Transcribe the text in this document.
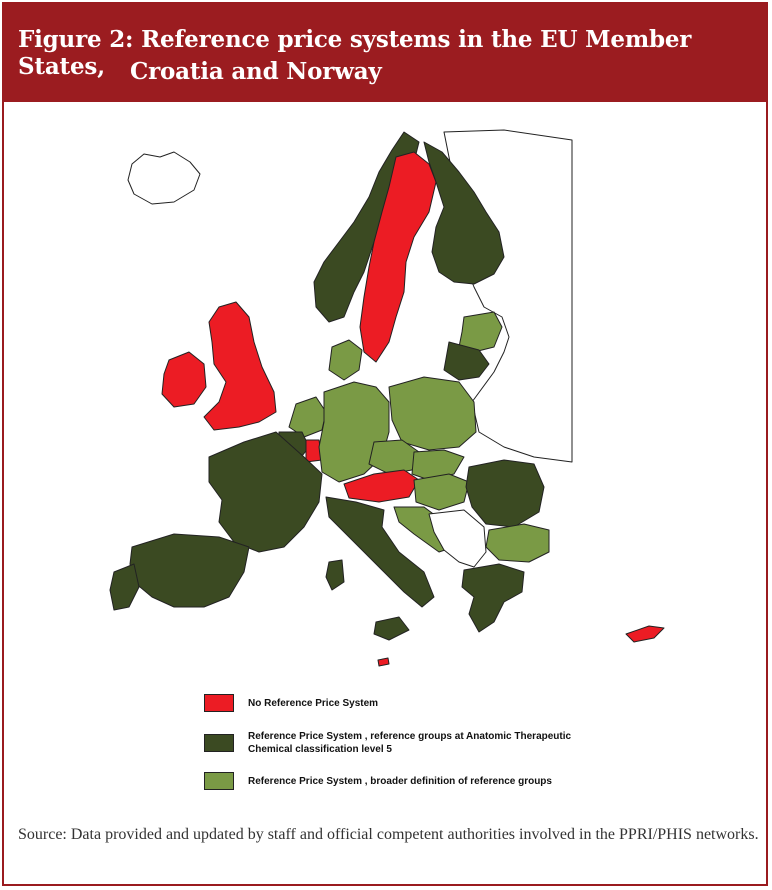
Figure 2: Reference price systems in the EU Member States,	Croatia and Norway
No Reference Price System
Reference Price System , reference groups at Anatomic Therapeutic Chemical classification level 5
Reference Price System , broader definition of reference groups
Source: Data provided and updated by staff and official competent authorities involved in the PPRI/PHIS networks.
